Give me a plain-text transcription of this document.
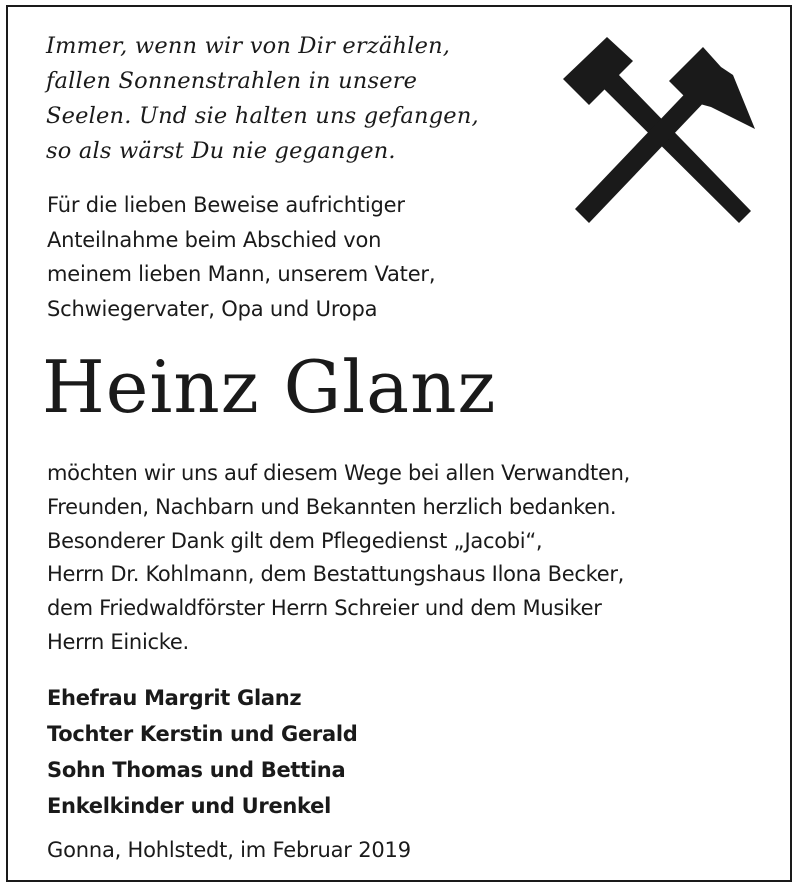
Immer, wenn wir von Dir erzählen,
fallen Sonnenstrahlen in unsere
Seelen. Und sie halten uns gefangen,
so als wärst Du nie gegangen.
Für die lieben Beweise aufrichtiger
Anteilnahme beim Abschied von
meinem lieben Mann, unserem Vater,
Schwiegervater, Opa und Uropa
Heinz Glanz
möchten wir uns auf diesem Wege bei allen Verwandten,
Freunden, Nachbarn und Bekannten herzlich bedanken.
Besonderer Dank gilt dem Pflegedienst „Jacobi“,
Herrn Dr. Kohlmann, dem Bestattungshaus Ilona Becker,
dem Friedwaldförster Herrn Schreier und dem Musiker
Herrn Einicke.
Ehefrau Margrit Glanz
Tochter Kerstin und Gerald
Sohn Thomas und Bettina
Enkelkinder und Urenkel
Gonna, Hohlstedt, im Februar 2019
